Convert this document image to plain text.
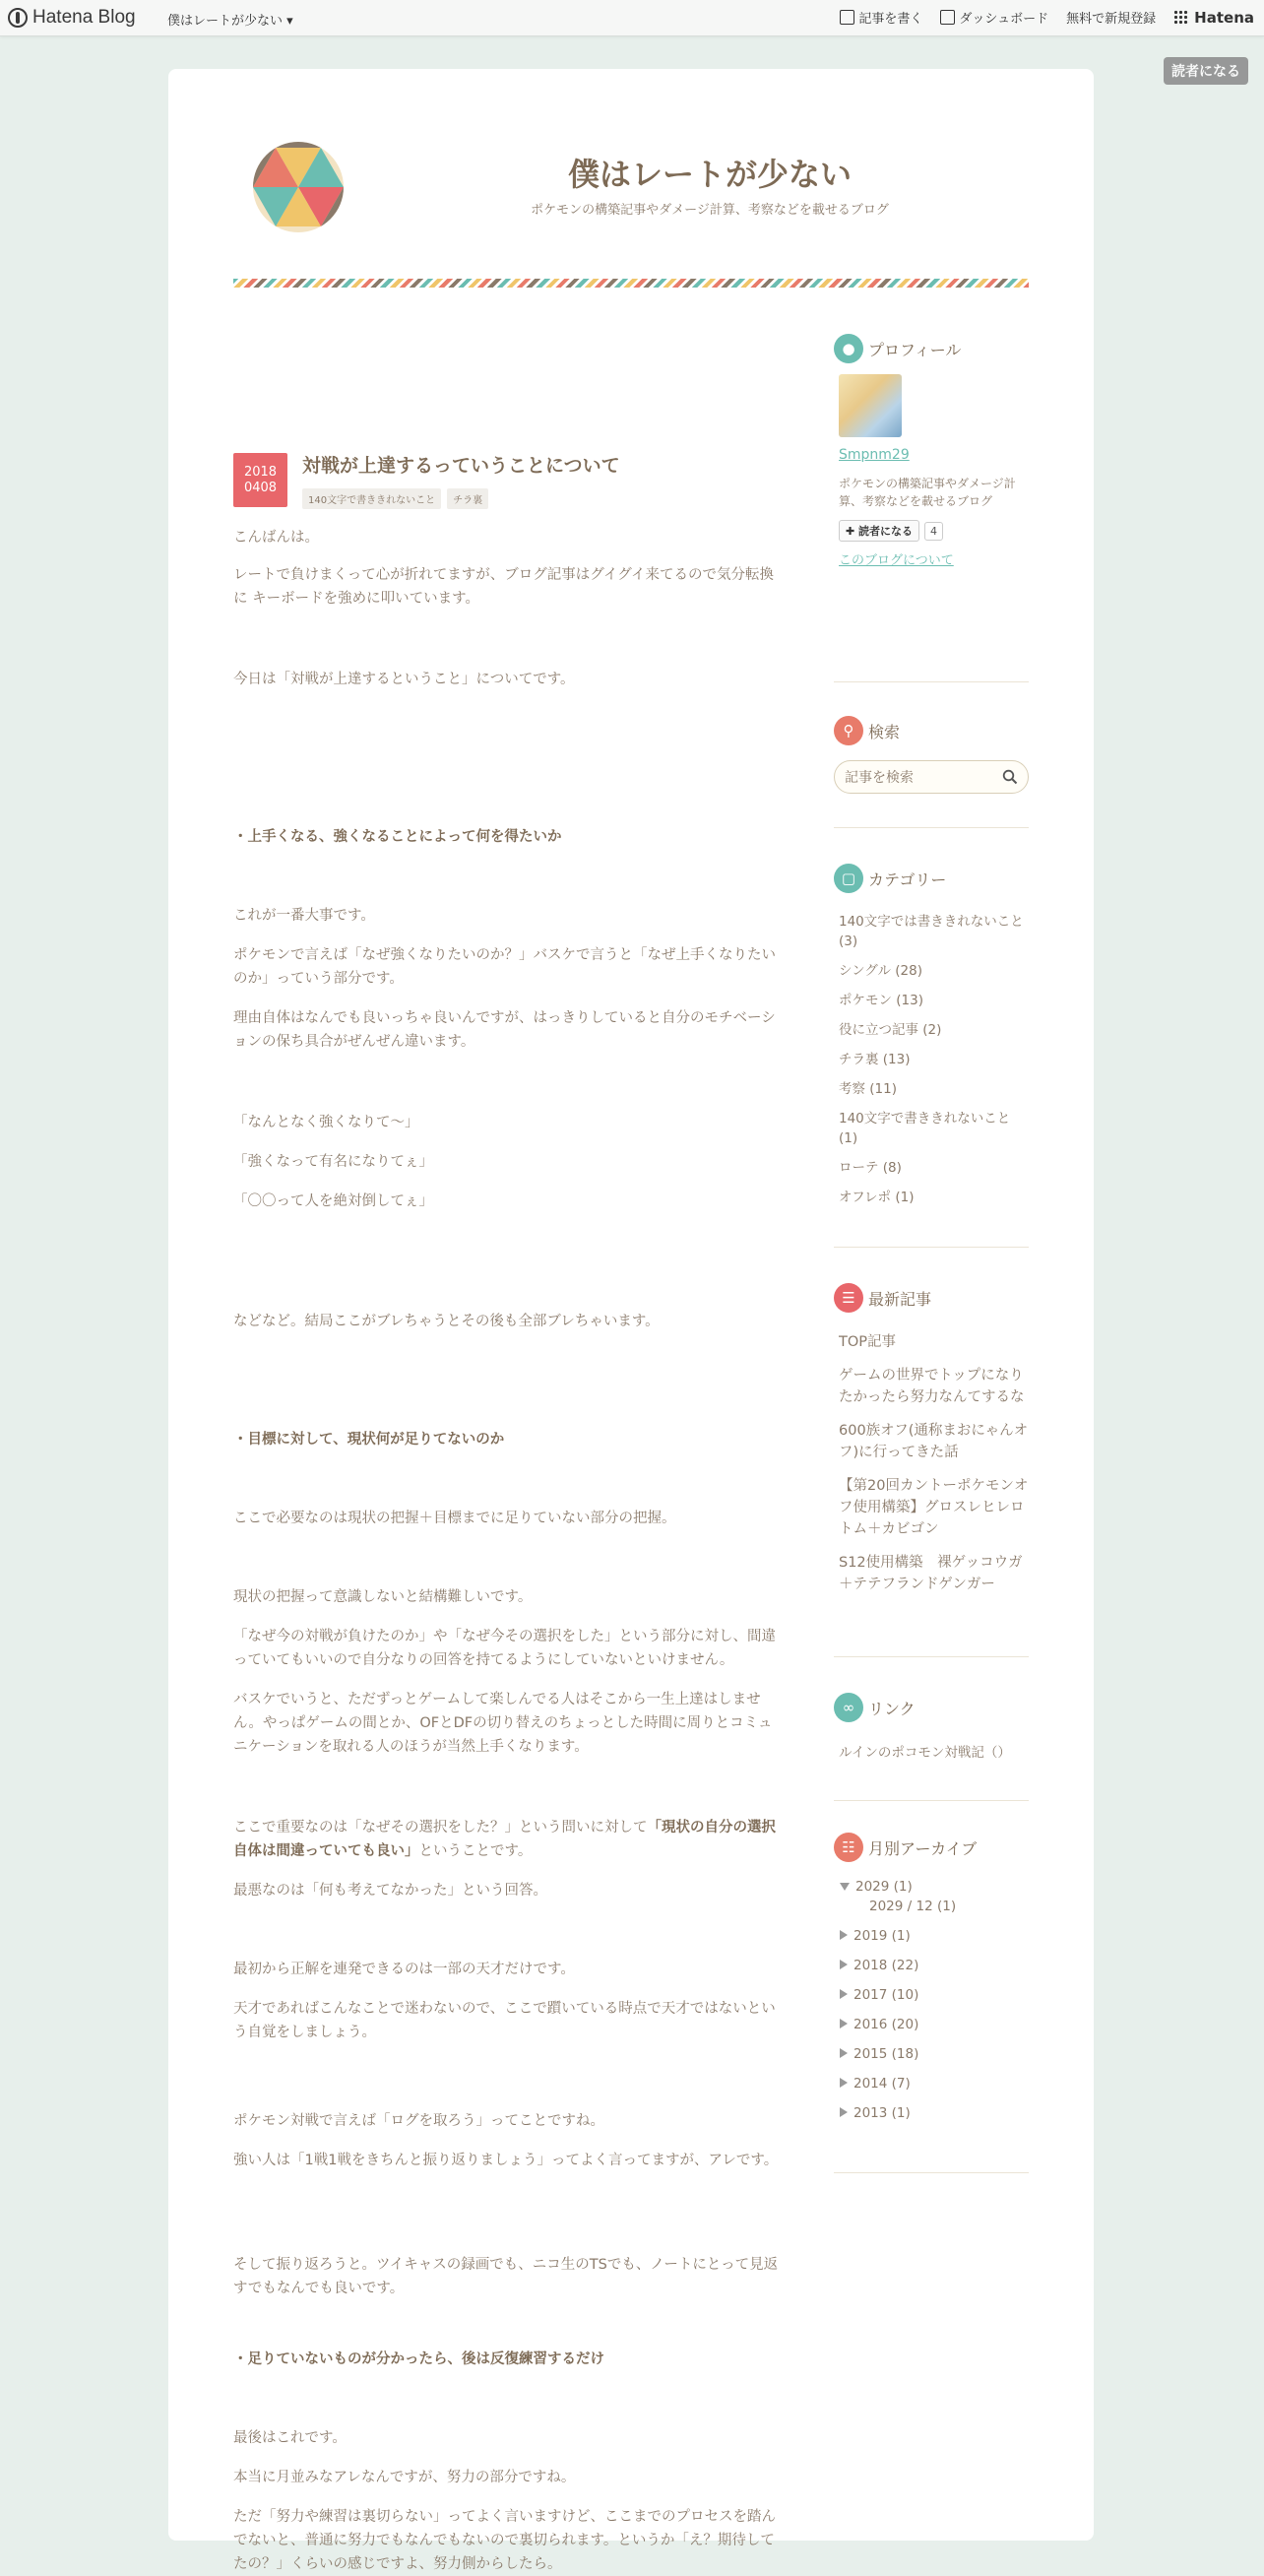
Hatena Blog 僕はレートが少ない ▾	記事を書く	ダッシュボード 無料で新規登録	Hatena
読者になる
僕はレートが少ない
ポケモンの構築記事やダメージ計算、考察などを載せるブログ
2018
0408
対戦が上達するっていうことについて
140文字で書ききれないこと	チラ裏

こんばんは。

レートで負けまくって心が折れてますが、ブログ記事はグイグイ来てるので気分転換に キーボードを強めに叩いています。

今日は「対戦が上達するということ」についてです。

・上手くなる、強くなることによって何を得たいか

これが一番大事です。

ポケモンで言えば「なぜ強くなりたいのか？」バスケで言うと「なぜ上手くなりたいのか」っていう部分です。

理由自体はなんでも良いっちゃ良いんですが、はっきりしていると自分のモチベーションの保ち具合がぜんぜん違います。

「なんとなく強くなりて～」

「強くなって有名になりてぇ」

「〇〇って人を絶対倒してぇ」

などなど。結局ここがブレちゃうとその後も全部ブレちゃいます。

・目標に対して、現状何が足りてないのか

ここで必要なのは現状の把握＋目標までに足りていない部分の把握。

現状の把握って意識しないと結構難しいです。

「なぜ今の対戦が負けたのか」や「なぜ今その選択をした」という部分に対し、間違っていてもいいので自分なりの回答を持てるようにしていないといけません。

バスケでいうと、ただずっとゲームして楽しんでる人はそこから一生上達はしません。やっぱゲームの間とか、OFとDFの切り替えのちょっとした時間に周りとコミュニケーションを取れる人のほうが当然上手くなります。

ここで重要なのは「なぜその選択をした？」という問いに対して「現状の自分の選択自体は間違っていても良い」ということです。

最悪なのは「何も考えてなかった」という回答。

最初から正解を連発できるのは一部の天才だけです。

天才であればこんなことで迷わないので、ここで躓いている時点で天才ではないという自覚をしましょう。

ポケモン対戦で言えば「ログを取ろう」ってことですね。

強い人は「1戦1戦をきちんと振り返りましょう」ってよく言ってますが、アレです。

そして振り返ろうと。ツイキャスの録画でも、ニコ生のTSでも、ノートにとって見返すでもなんでも良いです。

・足りていないものが分かったら、後は反復練習するだけ

最後はこれです。

本当に月並みなアレなんですが、努力の部分ですね。

ただ「努力や練習は裏切らない」ってよく言いますけど、ここまでのプロセスを踏んでないと、普通に努力でもなんでもないので裏切られます。というか「え？期待してたの？」くらいの感じですよ、努力側からしたら。

● プロフィール
Smpnm29
ポケモンの構築記事やダメージ計算、考察などを載せるブログ
✚ 読者になる	4
このブログについて
⚲ 検索
記事を検索
▢ カテゴリー
140文字では書ききれないこと (3)
シングル (28)
ポケモン (13)
役に立つ記事 (2)
チラ裏 (13)
考察 (11)
140文字で書ききれないこと (1)
ローテ (8)
オフレポ (1)
☰ 最新記事
TOP記事
ゲームの世界でトップになりたかったら努力なんてするな
600族オフ(通称まおにゃんオフ)に行ってきた話
【第20回カントーポケモンオフ使用構築】グロスレヒレロトム＋カビゴン
S12使用構築　裸ゲッコウガ＋テテフランドゲンガー
∞ リンク
ルインのポコモン対戦記（）
☷ 月別アーカイブ
2029 (1)
2029 / 12 (1)
2019 (1)
2018 (22)
2017 (10)
2016 (20)
2015 (18)
2014 (7)
2013 (1)
